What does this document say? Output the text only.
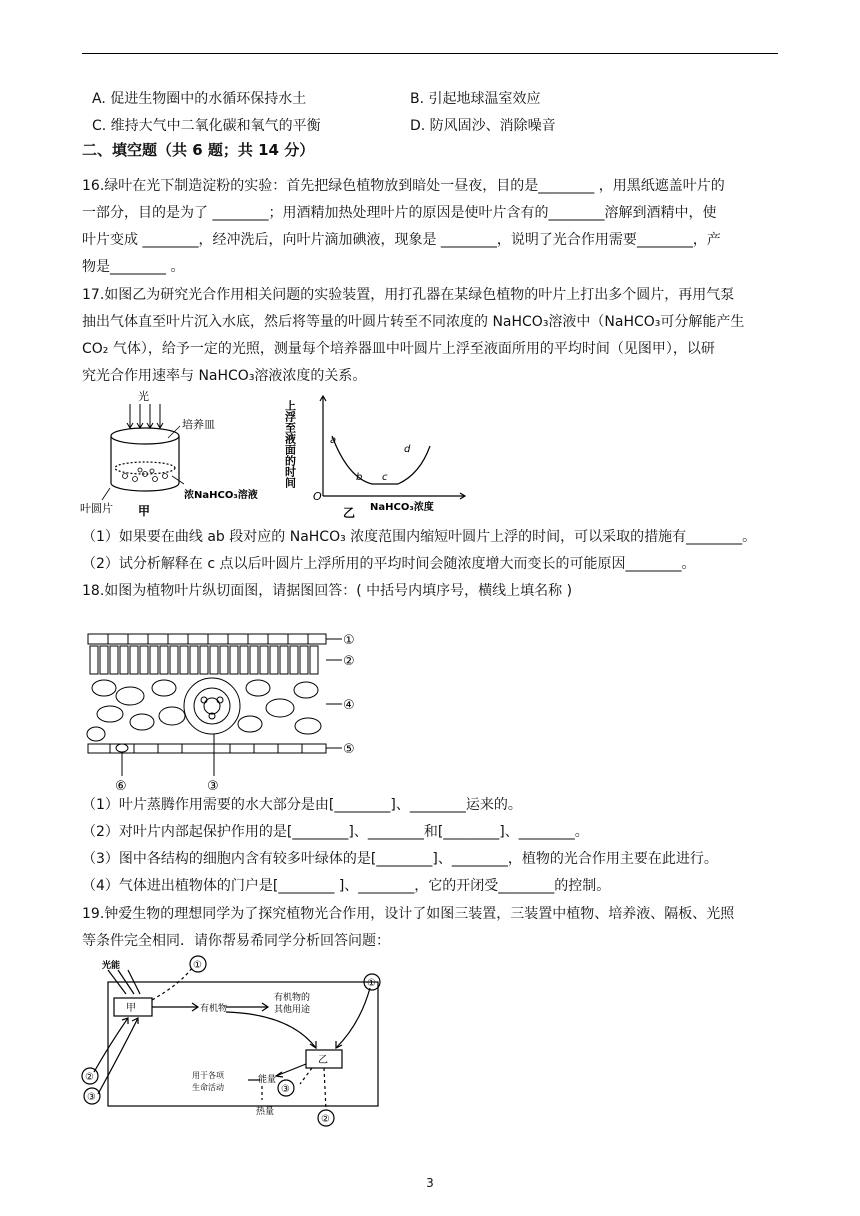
A. 促进生物圈中的水循环保持水土	B. 引起地球温室效应
C. 维持大气中二氧化碳和氧气的平衡	D. 防风固沙、消除噪音
二、填空题（共 6 题；共 14 分）
16.绿叶在光下制造淀粉的实验：首先把绿色植物放到暗处一昼夜，目的是________ ，用黑纸遮盖叶片的
一部分，目的是为了 ________；用酒精加热处理叶片的原因是使叶片含有的________溶解到酒精中，使
叶片变成 ________，经冲洗后，向叶片滴加碘液，现象是 ________，说明了光合作用需要________，产
物是________ 。
17.如图乙为研究光合作用相关问题的实验装置，用打孔器在某绿色植物的叶片上打出多个圆片，再用气泵
抽出气体直至叶片沉入水底，然后将等量的叶圆片转至不同浓度的 NaHCO₃溶液中（NaHCO₃可分解能产生
CO₂ 气体），给予一定的光照，测量每个培养器皿中叶圆片上浮至液面所用的平均时间（见图甲），以研
究光合作用速率与 NaHCO₃溶液浓度的关系。
光
培养皿
浓NaHCO₃溶液
叶圆片 甲
上浮至液面的时间
O
a
b c
d
NaHCO₃浓度
乙
（1）如果要在曲线 ab 段对应的 NaHCO₃ 浓度范围内缩短叶圆片上浮的时间，可以采取的措施有________。
（2）试分析解释在 c 点以后叶圆片上浮所用的平均时间会随浓度增大而变长的可能原因________。
18.如图为植物叶片纵切面图，请据图回答：( 中括号内填序号，横线上填名称 )
①
②
④
⑤
⑥	③
（1）叶片蒸腾作用需要的水大部分是由[________]、________运来的。
（2）对叶片内部起保护作用的是[________]、________和[________]、________。
（3）图中各结构的细胞内含有较多叶绿体的是[________]、________，植物的光合作用主要在此进行。
（4）气体进出植物体的门户是[________ ]、________，它的开闭受________的控制。
19.钟爱生物的理想同学为了探究植物光合作用，设计了如图三装置，三装置中植物、培养液、隔板、光照
等条件完全相同．请你帮易希同学分析回答问题：
①
①
②
③
③
②
光能
甲
乙
有机物
有机物的
其他用途
能量
用于各项
生命活动
热量
3
